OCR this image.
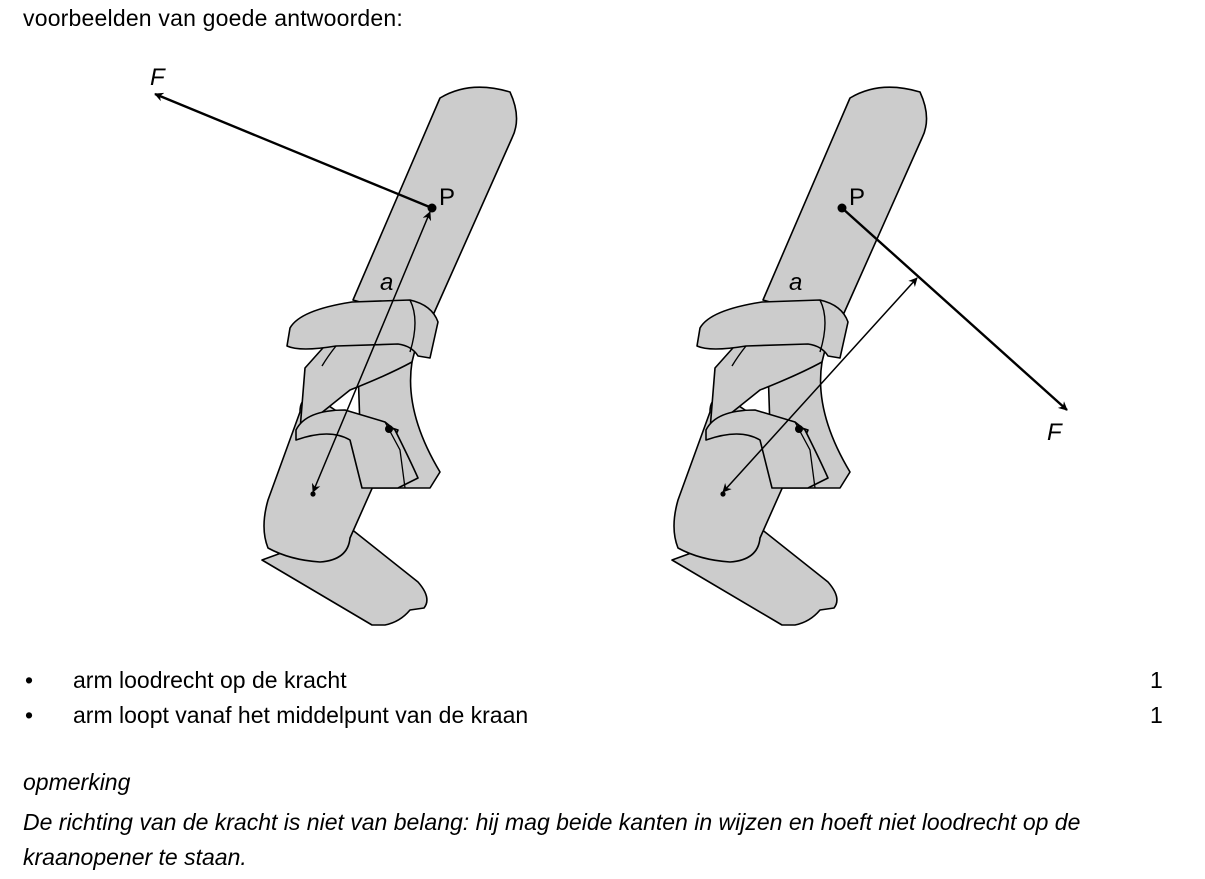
voorbeelden van goede antwoorden:
F
P
a
P
a
F
• arm loodrecht op de kracht	1
• arm loopt vanaf het middelpunt van de kraan	1
opmerking
De richting van de kracht is niet van belang: hij mag beide kanten in wijzen en hoeft niet loodrecht op de kraanopener te staan.
